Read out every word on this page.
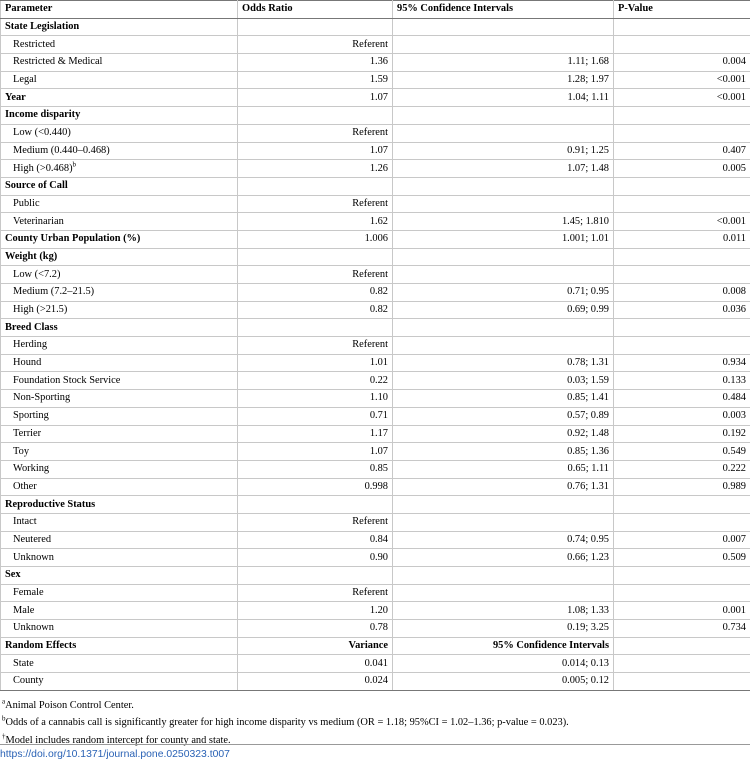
Parameter	Odds Ratio	95% Confidence Intervals	P-Value
State Legislation			
Restricted	Referent		
Restricted & Medical	1.36	1.11; 1.68	0.004
Legal	1.59	1.28; 1.97	<0.001
Year	1.07	1.04; 1.11	<0.001
Income disparity			
Low (<0.440)	Referent		
Medium (0.440–0.468)	1.07	0.91; 1.25	0.407
High (>0.468)$^b$	1.26	1.07; 1.48	0.005
Source of Call			
Public	Referent		
Veterinarian	1.62	1.45; 1.810	<0.001
County Urban Population (%)	1.006	1.001; 1.01	0.011
Weight (kg)			
Low (<7.2)	Referent		
Medium (7.2–21.5)	0.82	0.71; 0.95	0.008
High (>21.5)	0.82	0.69; 0.99	0.036
Breed Class			
Herding	Referent		
Hound	1.01	0.78; 1.31	0.934
Foundation Stock Service	0.22	0.03; 1.59	0.133
Non-Sporting	1.10	0.85; 1.41	0.484
Sporting	0.71	0.57; 0.89	0.003
Terrier	1.17	0.92; 1.48	0.192
Toy	1.07	0.85; 1.36	0.549
Working	0.85	0.65; 1.11	0.222
Other	0.998	0.76; 1.31	0.989
Reproductive Status			
Intact	Referent		
Neutered	0.84	0.74; 0.95	0.007
Unknown	0.90	0.66; 1.23	0.509
Sex			
Female	Referent		
Male	1.20	1.08; 1.33	0.001
Unknown	0.78	0.19; 3.25	0.734
Random Effects	Variance	95% Confidence Intervals	
State	0.041	0.014; 0.13	
County	0.024	0.005; 0.12	
$^a$Animal Poison Control Center.
$^b$Odds of a cannabis call is significantly greater for high income disparity vs medium (OR = 1.18; 95%CI = 1.02–1.36; p-value = 0.023).
†Model includes random intercept for county and state.
https://doi.org/10.1371/journal.pone.0250323.t007
